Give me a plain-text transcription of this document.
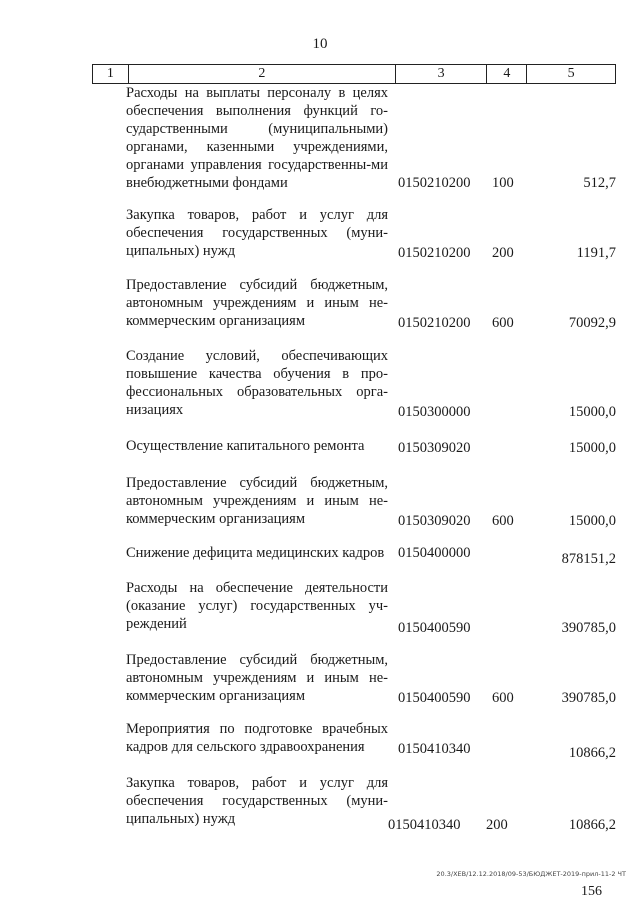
10
1	2	3	4	5
Расходы на выплаты персоналу в целях обеспечения выполнения функций го-сударственными (муниципальными) органами, казенными учреждениями, органами управления государственны-ми внебюджетными фондами	0150210200 100	512,7
Закупка товаров, работ и услуг для обеспечения государственных (муни-ципальных) нужд	0150210200 200	1191,7
Предоставление субсидий бюджетным, автономным учреждениям и иным не-коммерческим организациям	0150210200 600	70092,9
Создание условий, обеспечивающих повышение качества обучения в про-фессиональных образовательных орга-низациях	0150300000	15000,0
Осуществление капитального ремонта	0150309020	15000,0
Предоставление субсидий бюджетным, автономным учреждениям и иным не-коммерческим организациям	0150309020 600	15000,0
Снижение дефицита медицинских кадров 0150400000	878151,2
Расходы на обеспечение деятельности (оказание услуг) государственных уч-реждений	0150400590	390785,0
Предоставление субсидий бюджетным, автономным учреждениям и иным не-коммерческим организациям	0150400590 600	390785,0
Мероприятия по подготовке врачебных кадров для сельского здравоохранения	0150410340	10866,2
Закупка товаров, работ и услуг для обеспечения государственных (муни-ципальных) нужд	0150410340 200	10866,2
20.3/ХЕВ/12.12.2018/09-53/БЮДЖЕТ-2019-прил-11-2 ЧТ
156
